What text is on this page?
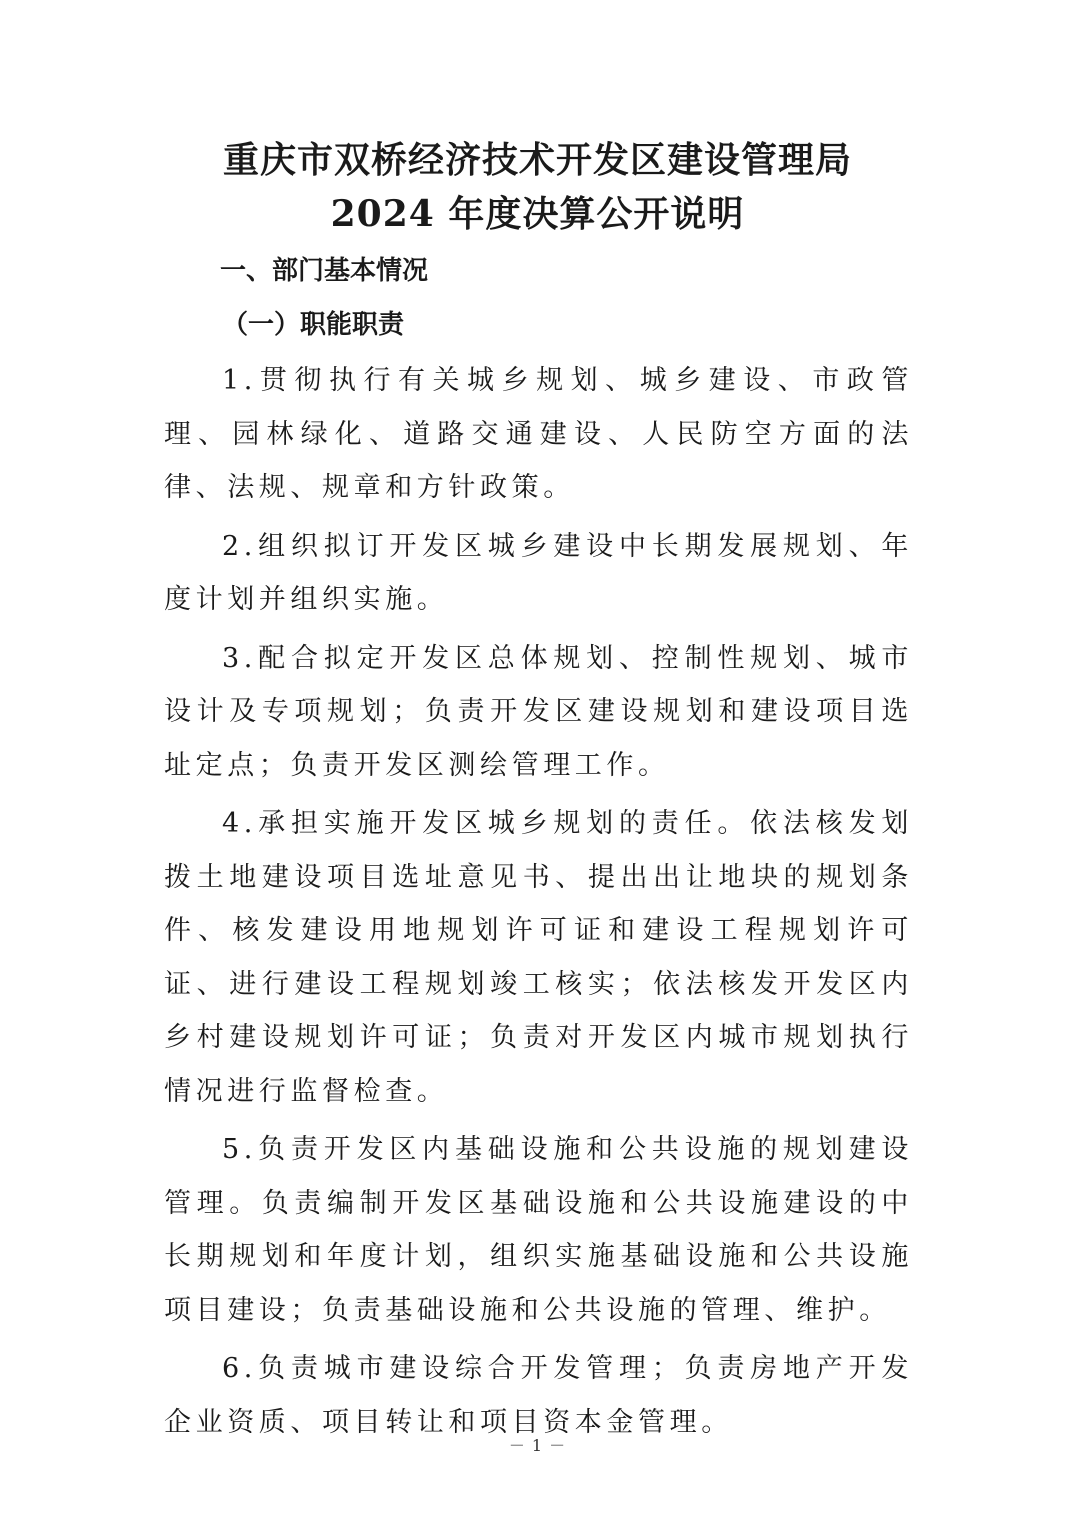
重庆市双桥经济技术开发区建设管理局
2024 年度决算公开说明
一、部门基本情况
（一）职能职责

1.贯彻执行有关城乡规划、城乡建设、市政管理、园林绿化、道路交通建设、人民防空方面的法律、法规、规章和方针政策。

2.组织拟订开发区城乡建设中长期发展规划、年度计划并组织实施。

3.配合拟定开发区总体规划、控制性规划、城市设计及专项规划；负责开发区建设规划和建设项目选址定点；负责开发区测绘管理工作。

4.承担实施开发区城乡规划的责任。依法核发划拨土地建设项目选址意见书、提出出让地块的规划条件、核发建设用地规划许可证和建设工程规划许可证、进行建设工程规划竣工核实；依法核发开发区内乡村建设规划许可证；负责对开发区内城市规划执行情况进行监督检查。

5.负责开发区内基础设施和公共设施的规划建设管理。负责编制开发区基础设施和公共设施建设的中长期规划和年度计划，组织实施基础设施和公共设施项目建设；负责基础设施和公共设施的管理、维护。

6.负责城市建设综合开发管理；负责房地产开发企业资质、项目转让和项目资本金管理。

－ 1 －
